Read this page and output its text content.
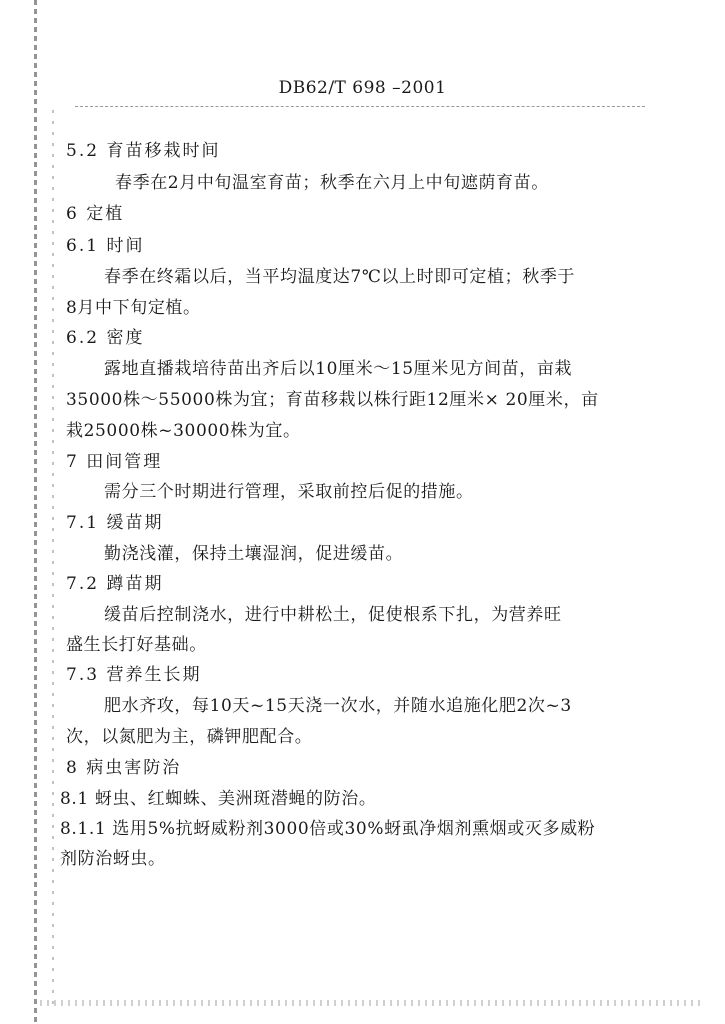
DB62/T 698 –2001
5.2 育苗移栽时间
春季在2月中旬温室育苗；秋季在六月上中旬遮荫育苗。
6 定植
6.1 时间
春季在终霜以后，当平均温度达7℃以上时即可定植；秋季于
8月中下旬定植。
6.2 密度
露地直播栽培待苗出齐后以10厘米～15厘米见方间苗，亩栽
35000株～55000株为宜；育苗移栽以株行距12厘米× 20厘米，亩
栽25000株~30000株为宜。
7 田间管理
需分三个时期进行管理，采取前控后促的措施。
7.1 缓苗期
勤浇浅灌，保持土壤湿润，促进缓苗。
7.2 蹲苗期
缓苗后控制浇水，进行中耕松土，促使根系下扎，为营养旺
盛生长打好基础。
7.3 营养生长期
肥水齐攻，每10天~15天浇一次水，并随水追施化肥2次~3
次，以氮肥为主，磷钾肥配合。
8 病虫害防治
8.1 蚜虫、红蜘蛛、美洲斑潜蝇的防治。
8.1.1 选用5%抗蚜威粉剂3000倍或30%蚜虱净烟剂熏烟或灭多威粉
剂防治蚜虫。
